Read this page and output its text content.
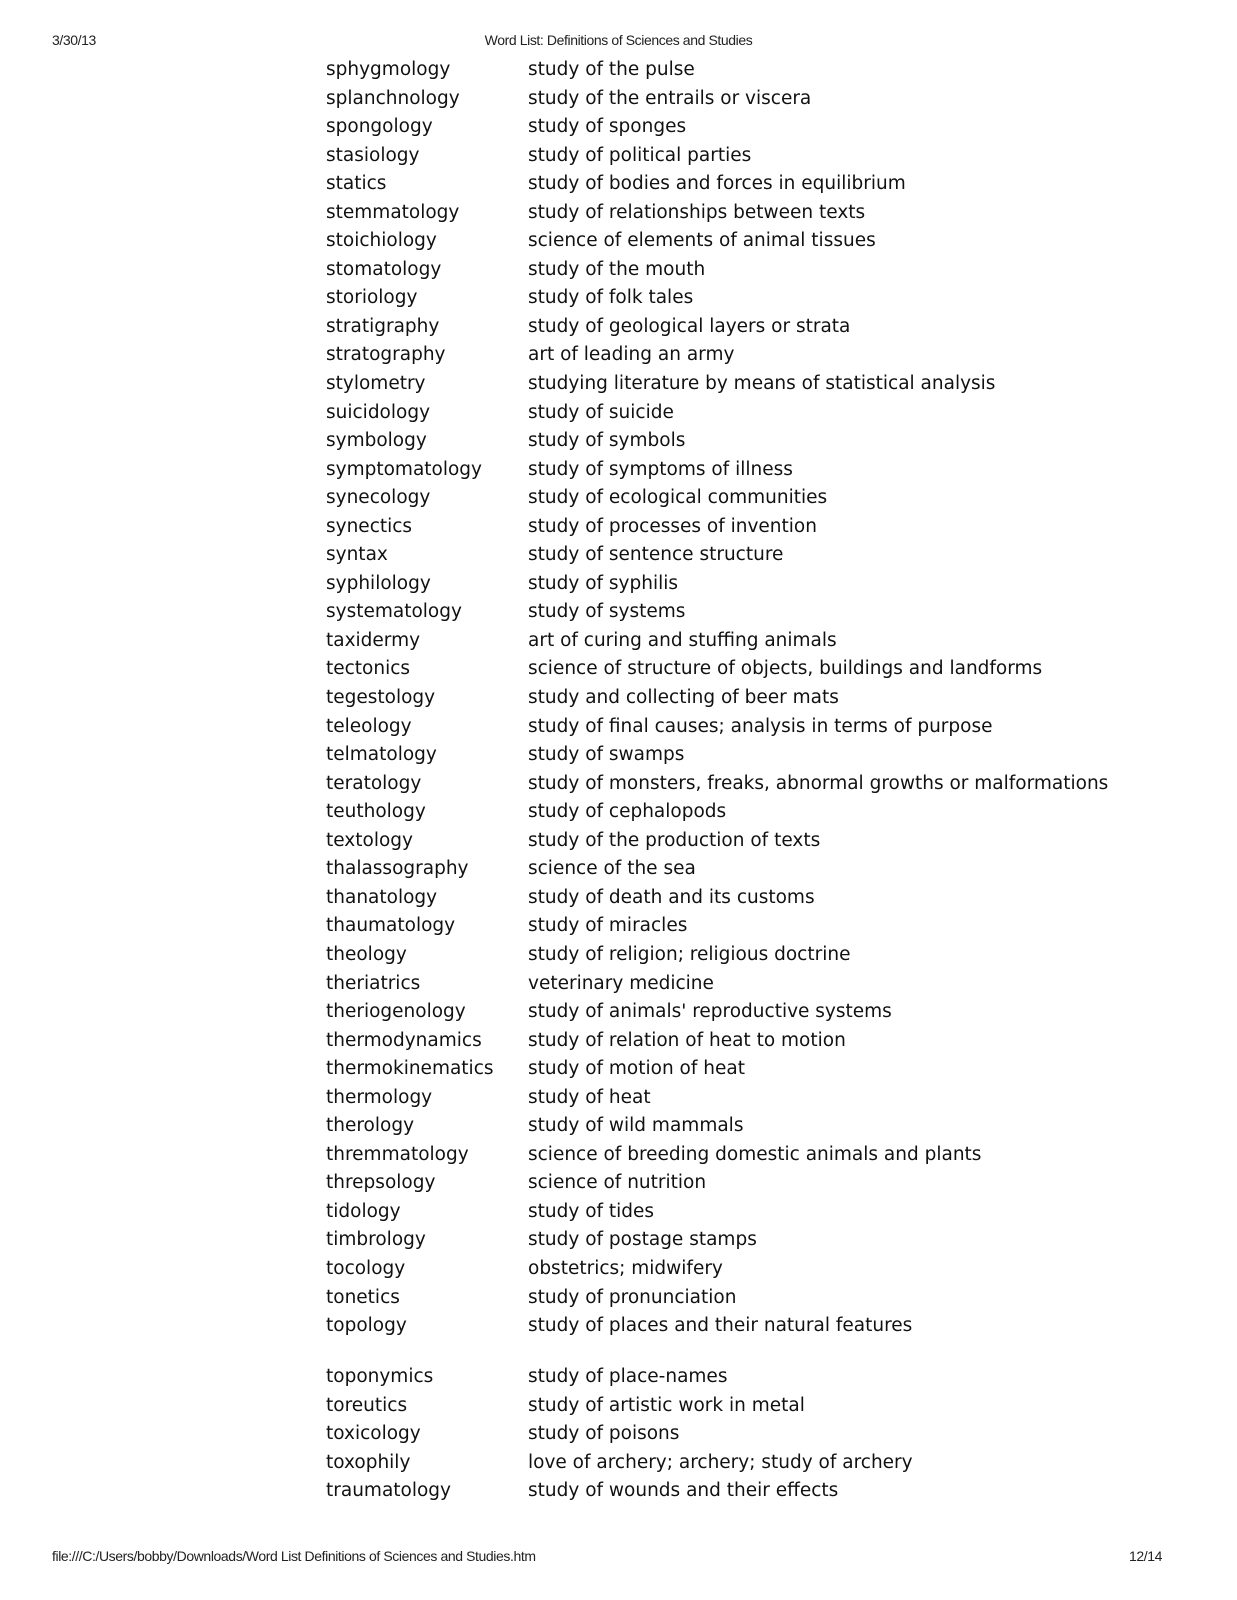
3/30/13	Word List: Definitions of Sciences and Studies
sphygmology	study of the pulse
splanchnology	study of the entrails or viscera
spongology	study of sponges
stasiology	study of political parties
statics	study of bodies and forces in equilibrium
stemmatology	study of relationships between texts
stoichiology	science of elements of animal tissues
stomatology	study of the mouth
storiology	study of folk tales
stratigraphy	study of geological layers or strata
stratography	art of leading an army
stylometry	studying literature by means of statistical analysis
suicidology	study of suicide
symbology	study of symbols
symptomatology study of symptoms of illness
synecology	study of ecological communities
synectics	study of processes of invention
syntax	study of sentence structure
syphilology	study of syphilis
systematology	study of systems
taxidermy	art of curing and stuffing animals
tectonics	science of structure of objects, buildings and landforms
tegestology	study and collecting of beer mats
teleology	study of final causes; analysis in terms of purpose
telmatology	study of swamps
teratology	study of monsters, freaks, abnormal growths or malformations
teuthology	study of cephalopods
textology	study of the production of texts
thalassography	science of the sea
thanatology	study of death and its customs
thaumatology	study of miracles
theology	study of religion; religious doctrine
theriatrics	veterinary medicine
theriogenology	study of animals' reproductive systems
thermodynamics	study of relation of heat to motion
thermokinematics study of motion of heat
thermology	study of heat
therology	study of wild mammals
thremmatology	science of breeding domestic animals and plants
threpsology	science of nutrition
tidology	study of tides
timbrology	study of postage stamps
tocology	obstetrics; midwifery
tonetics	study of pronunciation
topology	study of places and their natural features
toponymics	study of place-names
toreutics	study of artistic work in metal
toxicology	study of poisons
toxophily	love of archery; archery; study of archery
traumatology	study of wounds and their effects
file:///C:/Users/bobby/Downloads/Word List Definitions of Sciences and Studies.htm	12/14
